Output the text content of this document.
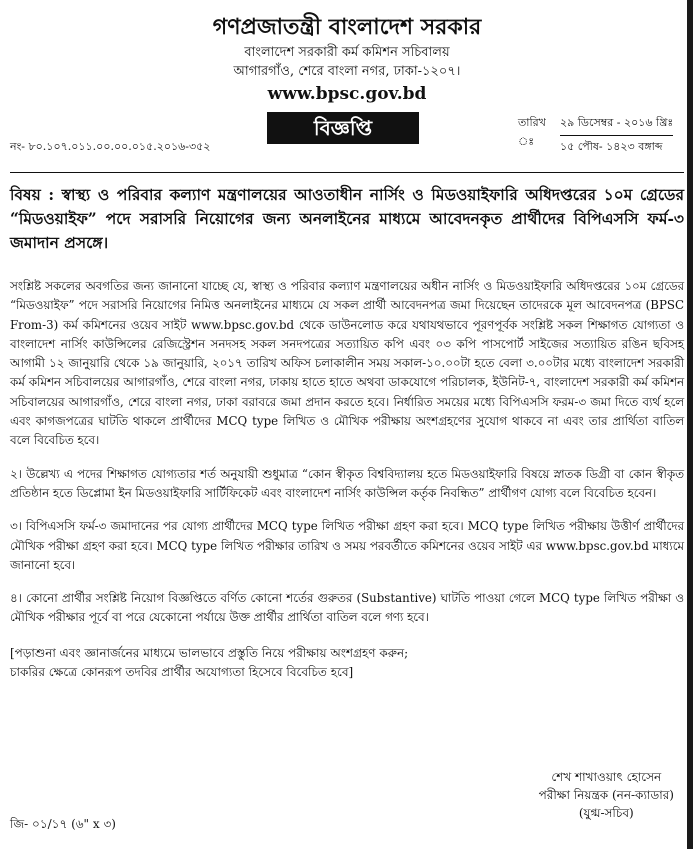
গণপ্রজাতন্ত্রী বাংলাদেশ সরকার
বাংলাদেশ সরকারী কর্ম কমিশন সচিবালয়
আগারগাঁও, শেরে বাংলা নগর, ঢাকা-১২০৭।
www.bpsc.gov.bd
নং- ৮০.১০৭.০১১.০০.০০.০১৫.২০১৬-৩৫২
বিজ্ঞপ্তি	তারিখ ঃ
২৯ ডিসেম্বর - ২০১৬ খ্রিঃ
১৫ পৌষ- ১৪২৩ বঙ্গাব্দ
বিষয় : স্বাস্থ্য ও পরিবার কল্যাণ মন্ত্রণালয়ের আওতাধীন নার্সিং ও মিডওয়াইফারি অধিদপ্তরের ১০ম গ্রেডের “মিডওয়াইফ” পদে সরাসরি নিয়োগের জন্য অনলাইনের মাধ্যমে আবেদনকৃত প্রার্থীদের বিপিএসসি ফর্ম-৩ জমাদান প্রসঙ্গে।
সংশ্লিষ্ট সকলের অবগতির জন্য জানানো যাচ্ছে যে, স্বাস্থ্য ও পরিবার কল্যাণ মন্ত্রণালয়ের অধীন নার্সিং ও মিডওয়াইফারি অধিদপ্তরের ১০ম গ্রেডের “মিডওয়াইফ” পদে সরাসরি নিয়োগের নিমিত্ত অনলাইনের মাধ্যমে যে সকল প্রার্থী আবেদনপত্র জমা দিয়েছেন তাদেরকে মূল আবেদনপত্র (BPSC From-3) কর্ম কমিশনের ওয়েব সাইট www.bpsc.gov.bd থেকে ডাউনলোড করে যথাযথভাবে পূরণপূর্বক সংশ্লিষ্ট সকল শিক্ষাগত যোগ্যতা ও বাংলাদেশ নার্সিং কাউন্সিলের রেজিস্ট্রেশন সনদসহ সকল সনদপত্রের সত্যায়িত কপি এবং ০৩ কপি পাসপোর্ট সাইজের সত্যায়িত রঙিন ছবিসহ আগামী ১২ জানুয়ারি থেকে ১৯ জানুয়ারি, ২০১৭ তারিখ অফিস চলাকালীন সময় সকাল-১০.০০টা হতে বেলা ৩.০০টার মধ্যে বাংলাদেশ সরকারী কর্ম কমিশন সচিবালয়ের আগারগাঁও, শেরে বাংলা নগর, ঢাকায় হাতে হাতে অথবা ডাকযোগে পরিচালক, ইউনিট-৭, বাংলাদেশ সরকারী কর্ম কমিশন সচিবালয়ের আগারগাঁও, শেরে বাংলা নগর, ঢাকা বরাবরে জমা প্রদান করতে হবে। নির্ধারিত সময়ের মধ্যে বিপিএসসি ফরম-৩ জমা দিতে ব্যর্থ হলে এবং কাগজপত্রের ঘাটতি থাকলে প্রার্থীদের MCQ type লিখিত ও মৌখিক পরীক্ষায় অংশগ্রহণের সুযোগ থাকবে না এবং তার প্রার্থিতা বাতিল বলে বিবেচিত হবে।
২। উল্লেখ্য এ পদের শিক্ষাগত যোগ্যতার শর্ত অনুযায়ী শুধুমাত্র “কোন স্বীকৃত বিশ্ববিদ্যালয় হতে মিডওয়াইফারি বিষয়ে স্নাতক ডিগ্রী বা কোন স্বীকৃত প্রতিষ্ঠান হতে ডিপ্লোমা ইন মিডওয়াইফারি সার্টিফিকেট এবং বাংলাদেশ নার্সিং কাউন্সিল কর্তৃক নিবন্ধিত” প্রার্থীগণ যোগ্য বলে বিবেচিত হবেন।
৩। বিপিএসসি ফর্ম-৩ জমাদানের পর যোগ্য প্রার্থীদের MCQ type লিখিত পরীক্ষা গ্রহণ করা হবে। MCQ type লিখিত পরীক্ষায় উত্তীর্ণ প্রার্থীদের মৌখিক পরীক্ষা গ্রহণ করা হবে। MCQ type লিখিত পরীক্ষার তারিখ ও সময় পরবর্তীতে কমিশনের ওয়েব সাইট এর www.bpsc.gov.bd মাধ্যমে জানানো হবে।
৪। কোনো প্রার্থীর সংশ্লিষ্ট নিয়োগ বিজ্ঞপ্তিতে বর্ণিত কোনো শর্তের গুরুতর (Substantive) ঘাটতি পাওয়া গেলে MCQ type লিখিত পরীক্ষা ও মৌখিক পরীক্ষার পূর্বে বা পরে যেকোনো পর্যায়ে উক্ত প্রার্থীর প্রার্থিতা বাতিল বলে গণ্য হবে।
[পড়াশুনা এবং জ্ঞানার্জনের মাধ্যমে ভালভাবে প্রস্তুতি নিয়ে পরীক্ষায় অংশগ্রহণ করুন;
চাকরির ক্ষেত্রে কোনরূপ তদবির প্রার্থীর অযোগ্যতা হিসেবে বিবেচিত হবে]
শেখ শাখাওয়াৎ হোসেন
পরীক্ষা নিয়ন্ত্রক (নন-ক্যাডার)
(যুগ্ম-সচিব)
জি- ০১/১৭ (৬" x ৩)
